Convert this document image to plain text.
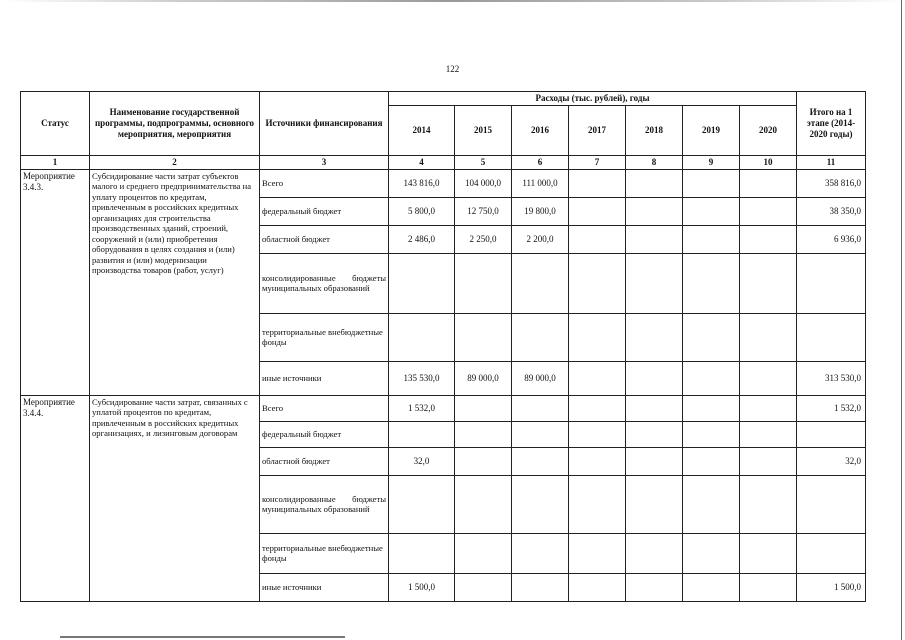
122
Статус	Наименование государственной программы, подпрограммы, основного мероприятия, мероприятия	Источники финансирования	Расходы (тыс. рублей), годы							Итого на 1 этапе (2014-2020 годы)
			2014	2015	2016	2017	2018	2019	2020	
1	2	3	4	5	6	7	8	9	10	11
Мероприятие 3.4.3.	Субсидирование части затрат субъектов малого и среднего предпринимательства на уплату процентов по кредитам, привлеченным в российских кредитных организациях для строительства производственных зданий, строений, сооружений и (или) приобретения оборудования в целях создания и (или) развития и (или) модернизации производства товаров (работ, услуг)	Всего	143 816,0	104 000,0	111 000,0					358 816,0
		федеральный бюджет	5 800,0	12 750,0	19 800,0					38 350,0
		областной бюджет	2 486,0	2 250,0	2 200,0					6 936,0
		консолидированные бюджеты муниципальных образований								
		территориальные внебюджетные фонды								
		иные источники	135 530,0	89 000,0	89 000,0					313 530,0
Мероприятие 3.4.4.	Субсидирование части затрат, связанных с уплатой процентов по кредитам, привлеченным в российских кредитных организациях, и лизинговым договорам	Всего	1 532,0							1 532,0
		федеральный бюджет								
		областной бюджет	32,0							32,0
		консолидированные бюджеты муниципальных образований								
		территориальные внебюджетные фонды								
		иные источники	1 500,0							1 500,0
